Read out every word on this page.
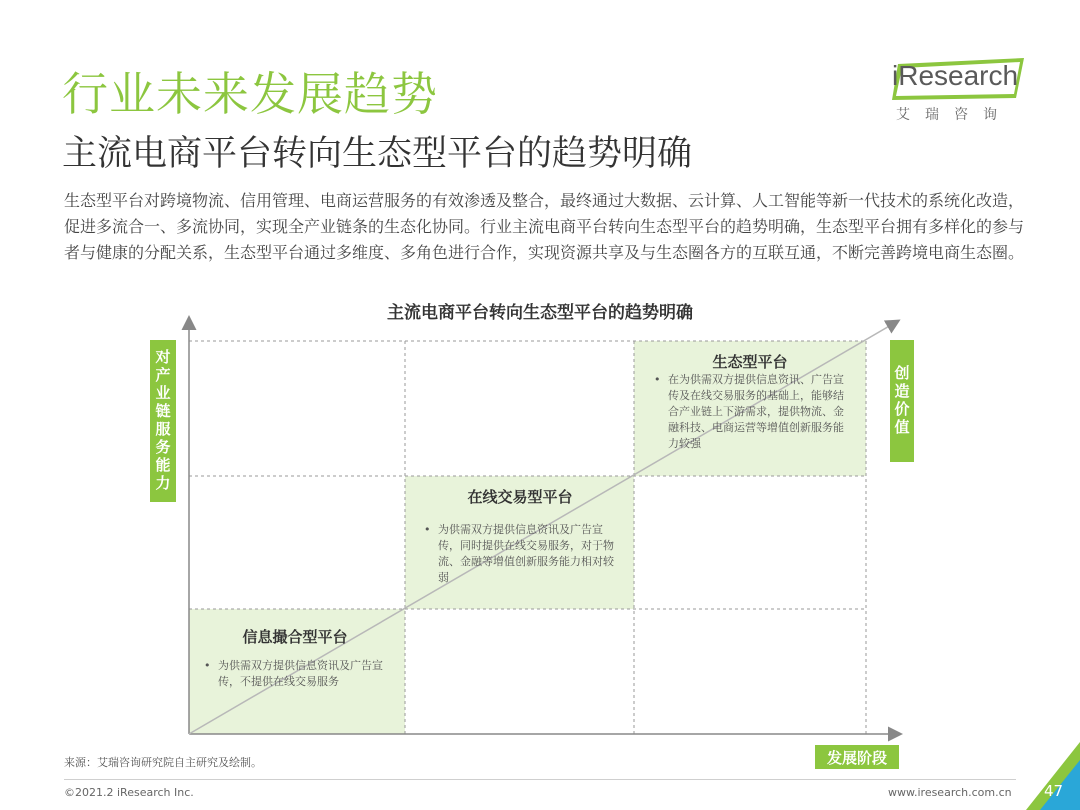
行业未来发展趋势
主流电商平台转向生态型平台的趋势明确
iResearch
艾瑞咨询
生态型平台对跨境物流、信用管理、电商运营服务的有效渗透及整合，最终通过大数据、云计算、人工智能等新一代技术的系统化改造，促进多流合一、多流协同，实现全产业链条的生态化协同。行业主流电商平台转向生态型平台的趋势明确，生态型平台拥有多样化的参与者与健康的分配关系，生态型平台通过多维度、多角色进行合作，实现资源共享及与生态圈各方的互联互通，不断完善跨境电商生态圈。
主流电商平台转向生态型平台的趋势明确
对产业链服务能力	创造价值
发展阶段
信息撮合型平台
• 为供需双方提供信息资讯及广告宣传，不提供在线交易服务
在线交易型平台
• 为供需双方提供信息资讯及广告宣传，同时提供在线交易服务，对于物流、金融等增值创新服务能力相对较弱
生态型平台
• 在为供需双方提供信息资讯、广告宣传及在线交易服务的基础上，能够结合产业链上下游需求，提供物流、金融科技、电商运营等增值创新服务能力较强
来源：艾瑞咨询研究院自主研究及绘制。
©2021.2 iResearch Inc.	www.iresearch.com.cn 47
